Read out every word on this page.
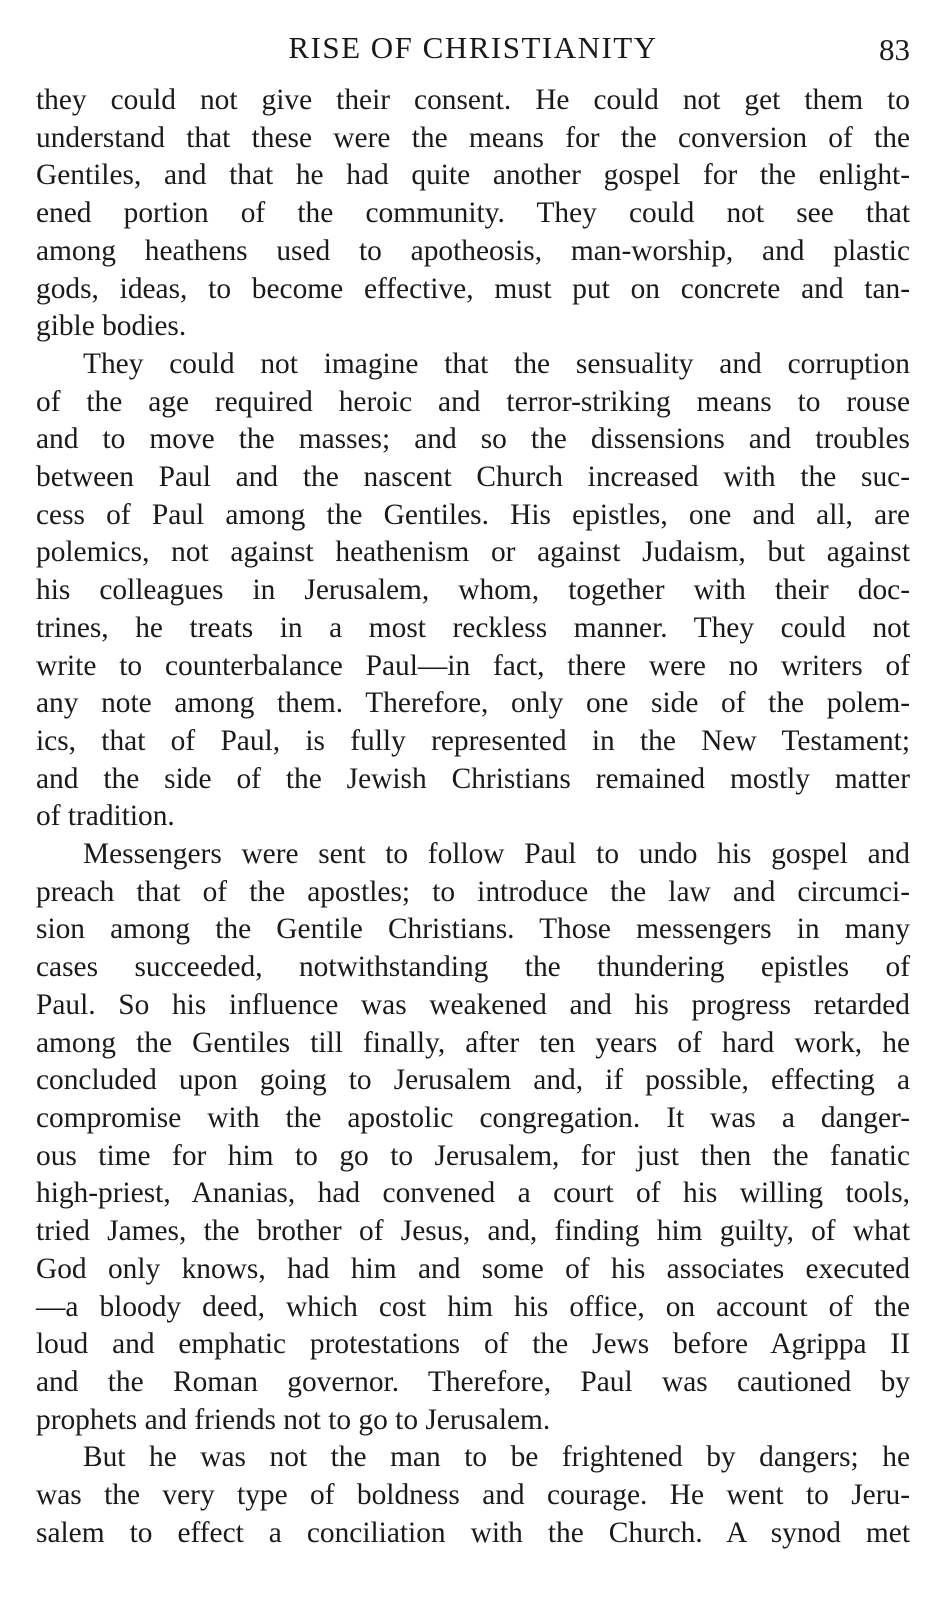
RISE OF CHRISTIANITY	83

they could not give their consent. He could not get them to
understand that these were the means for the conversion of the
Gentiles, and that he had quite another gospel for the enlight-
ened portion of the community. They could not see that
among heathens used to apotheosis, man-worship, and plastic
gods, ideas, to become effective, must put on concrete and tan-
gible bodies.

They could not imagine that the sensuality and corruption
of the age required heroic and terror-striking means to rouse
and to move the masses; and so the dissensions and troubles
between Paul and the nascent Church increased with the suc-
cess of Paul among the Gentiles. His epistles, one and all, are
polemics, not against heathenism or against Judaism, but against
his colleagues in Jerusalem, whom, together with their doc-
trines, he treats in a most reckless manner. They could not
write to counterbalance Paul—in fact, there were no writers of
any note among them. Therefore, only one side of the polem-
ics, that of Paul, is fully represented in the New Testament;
and the side of the Jewish Christians remained mostly matter
of tradition.

Messengers were sent to follow Paul to undo his gospel and
preach that of the apostles; to introduce the law and circumci-
sion among the Gentile Christians. Those messengers in many
cases succeeded, notwithstanding the thundering epistles of
Paul. So his influence was weakened and his progress retarded
among the Gentiles till finally, after ten years of hard work, he
concluded upon going to Jerusalem and, if possible, effecting a
compromise with the apostolic congregation. It was a danger-
ous time for him to go to Jerusalem, for just then the fanatic
high-priest, Ananias, had convened a court of his willing tools,
tried James, the brother of Jesus, and, finding him guilty, of what
God only knows, had him and some of his associates executed
—a bloody deed, which cost him his office, on account of the
loud and emphatic protestations of the Jews before Agrippa II
and the Roman governor. Therefore, Paul was cautioned by
prophets and friends not to go to Jerusalem.

But he was not the man to be frightened by dangers; he
was the very type of boldness and courage. He went to Jeru-
salem to effect a conciliation with the Church. A synod met
